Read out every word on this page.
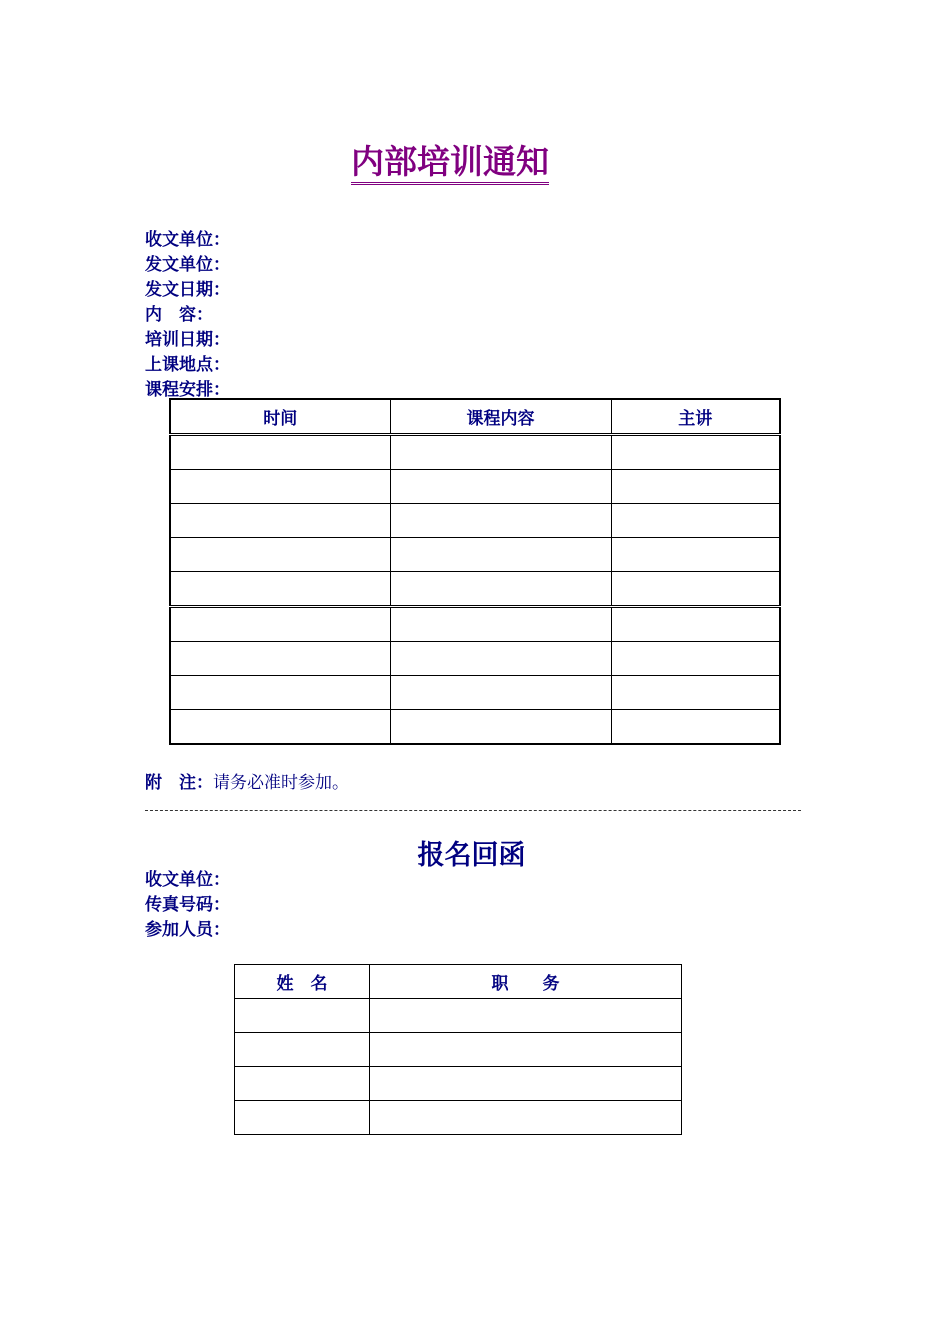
内部培训通知
收文单位：
发文单位：
发文日期：
内　容：
培训日期：
上课地点：
课程安排：
时间	课程内容	主讲

附　注：请务必准时参加。
报名回函
收文单位：
传真号码：
参加人员：
姓　名	职　　务
